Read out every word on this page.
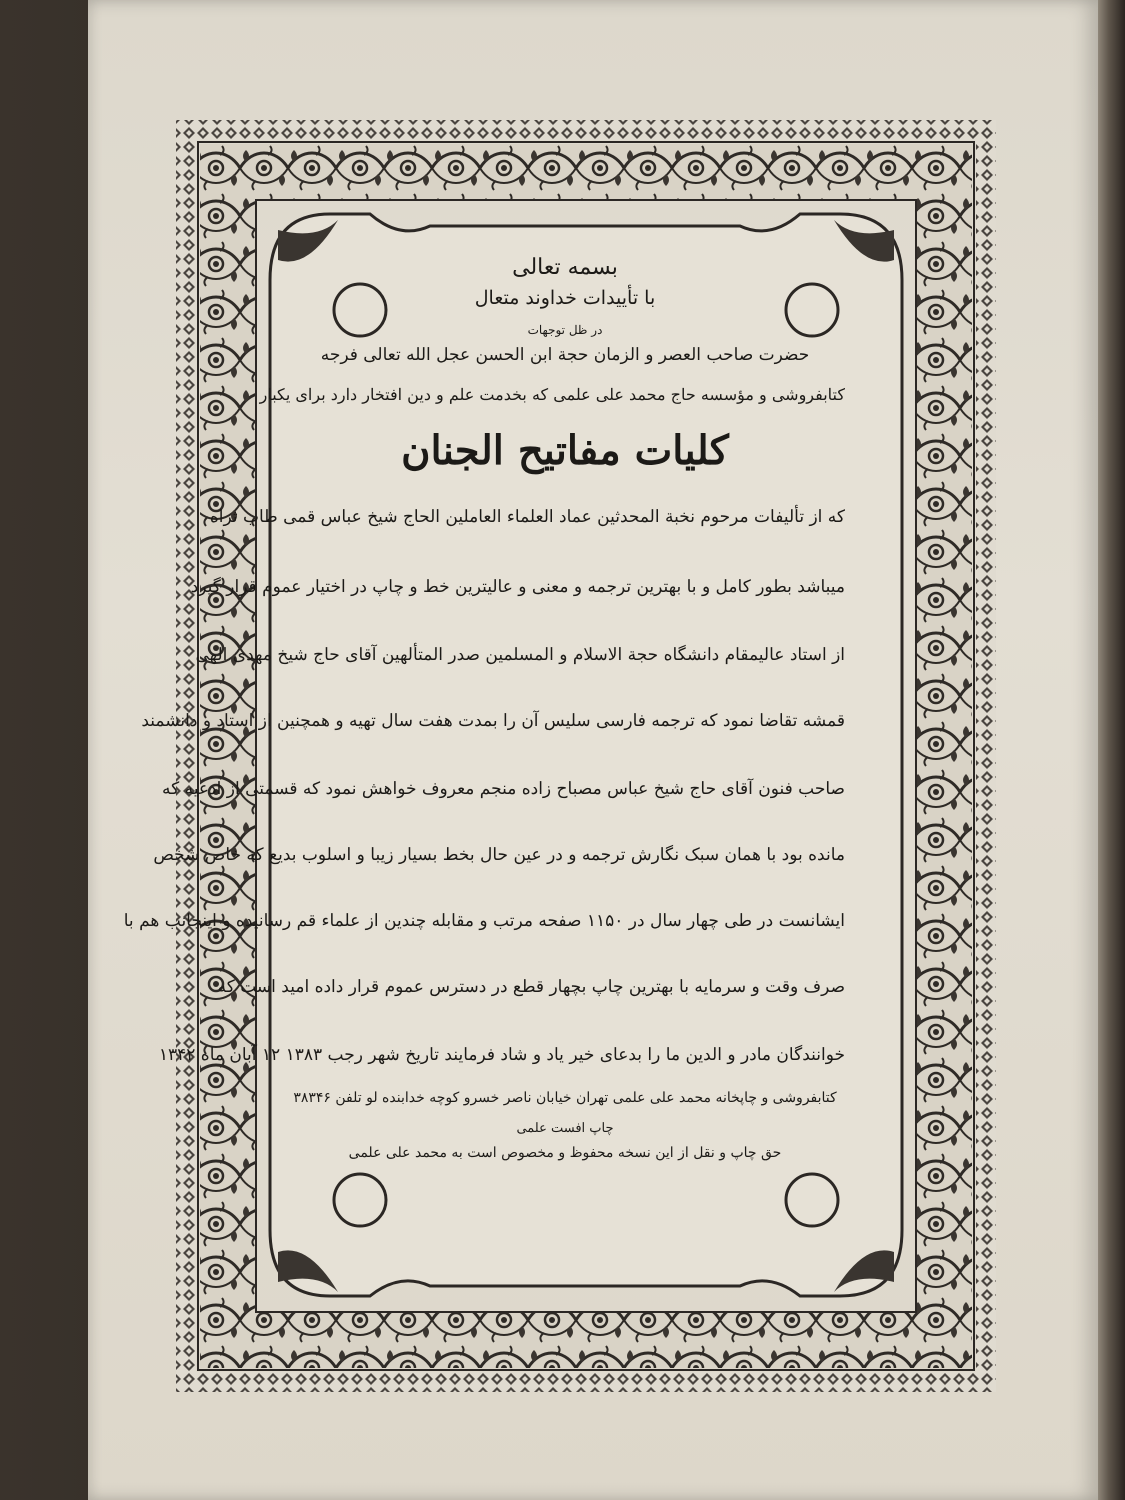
بسمه تعالی
با تأییدات خداوند متعال
در ظل توجهات
حضرت صاحب العصر و الزمان حجة ابن الحسن عجل الله تعالی فرجه
کتابفروشی و مؤسسه حاج محمد علی علمی که بخدمت علم و دین افتخار دارد برای یکبار
کلیات مفاتیح الجنان
که از تألیفات مرحوم نخبة المحدثین عماد العلماء العاملین الحاج شیخ عباس قمی طاب ثراه
میباشد بطور کامل و با بهترین ترجمه و معنی و عالیترین خط و چاپ در اختیار عموم قرار گیرد
از استاد عالیمقام دانشگاه حجة الاسلام و المسلمین صدر المتألهین آقای حاج شیخ مهدی الهی
قمشه تقاضا نمود که ترجمه فارسی سلیس آن را بمدت هفت سال تهیه و همچنین از استاد و دانشمند
صاحب فنون آقای حاج شیخ عباس مصباح زاده منجم معروف خواهش نمود که قسمتی از ادعیه که
مانده بود با همان سبک نگارش ترجمه و در عین حال بخط بسیار زیبا و اسلوب بدیع که خاص شخص
ایشانست در طی چهار سال در ۱۱۵۰ صفحه مرتب و مقابله چندین از علماء قم رسانیده و اینجانب هم با
صرف وقت و سرمایه با بهترین چاپ بچهار قطع در دسترس عموم قرار داده امید است که
خوانندگان مادر و الدین ما را بدعای خیر یاد و شاد فرمایند تاریخ شهر رجب ۱۳۸۳ ۱۲ آبان ماه ۱۳۴۲
کتابفروشی و چاپخانه محمد علی علمی تهران خیابان ناصر خسرو کوچه خدابنده لو تلفن ۳۸۳۴۶
چاپ افست علمی
حق چاپ و نقل از این نسخه محفوظ و مخصوص است به محمد علی علمی
